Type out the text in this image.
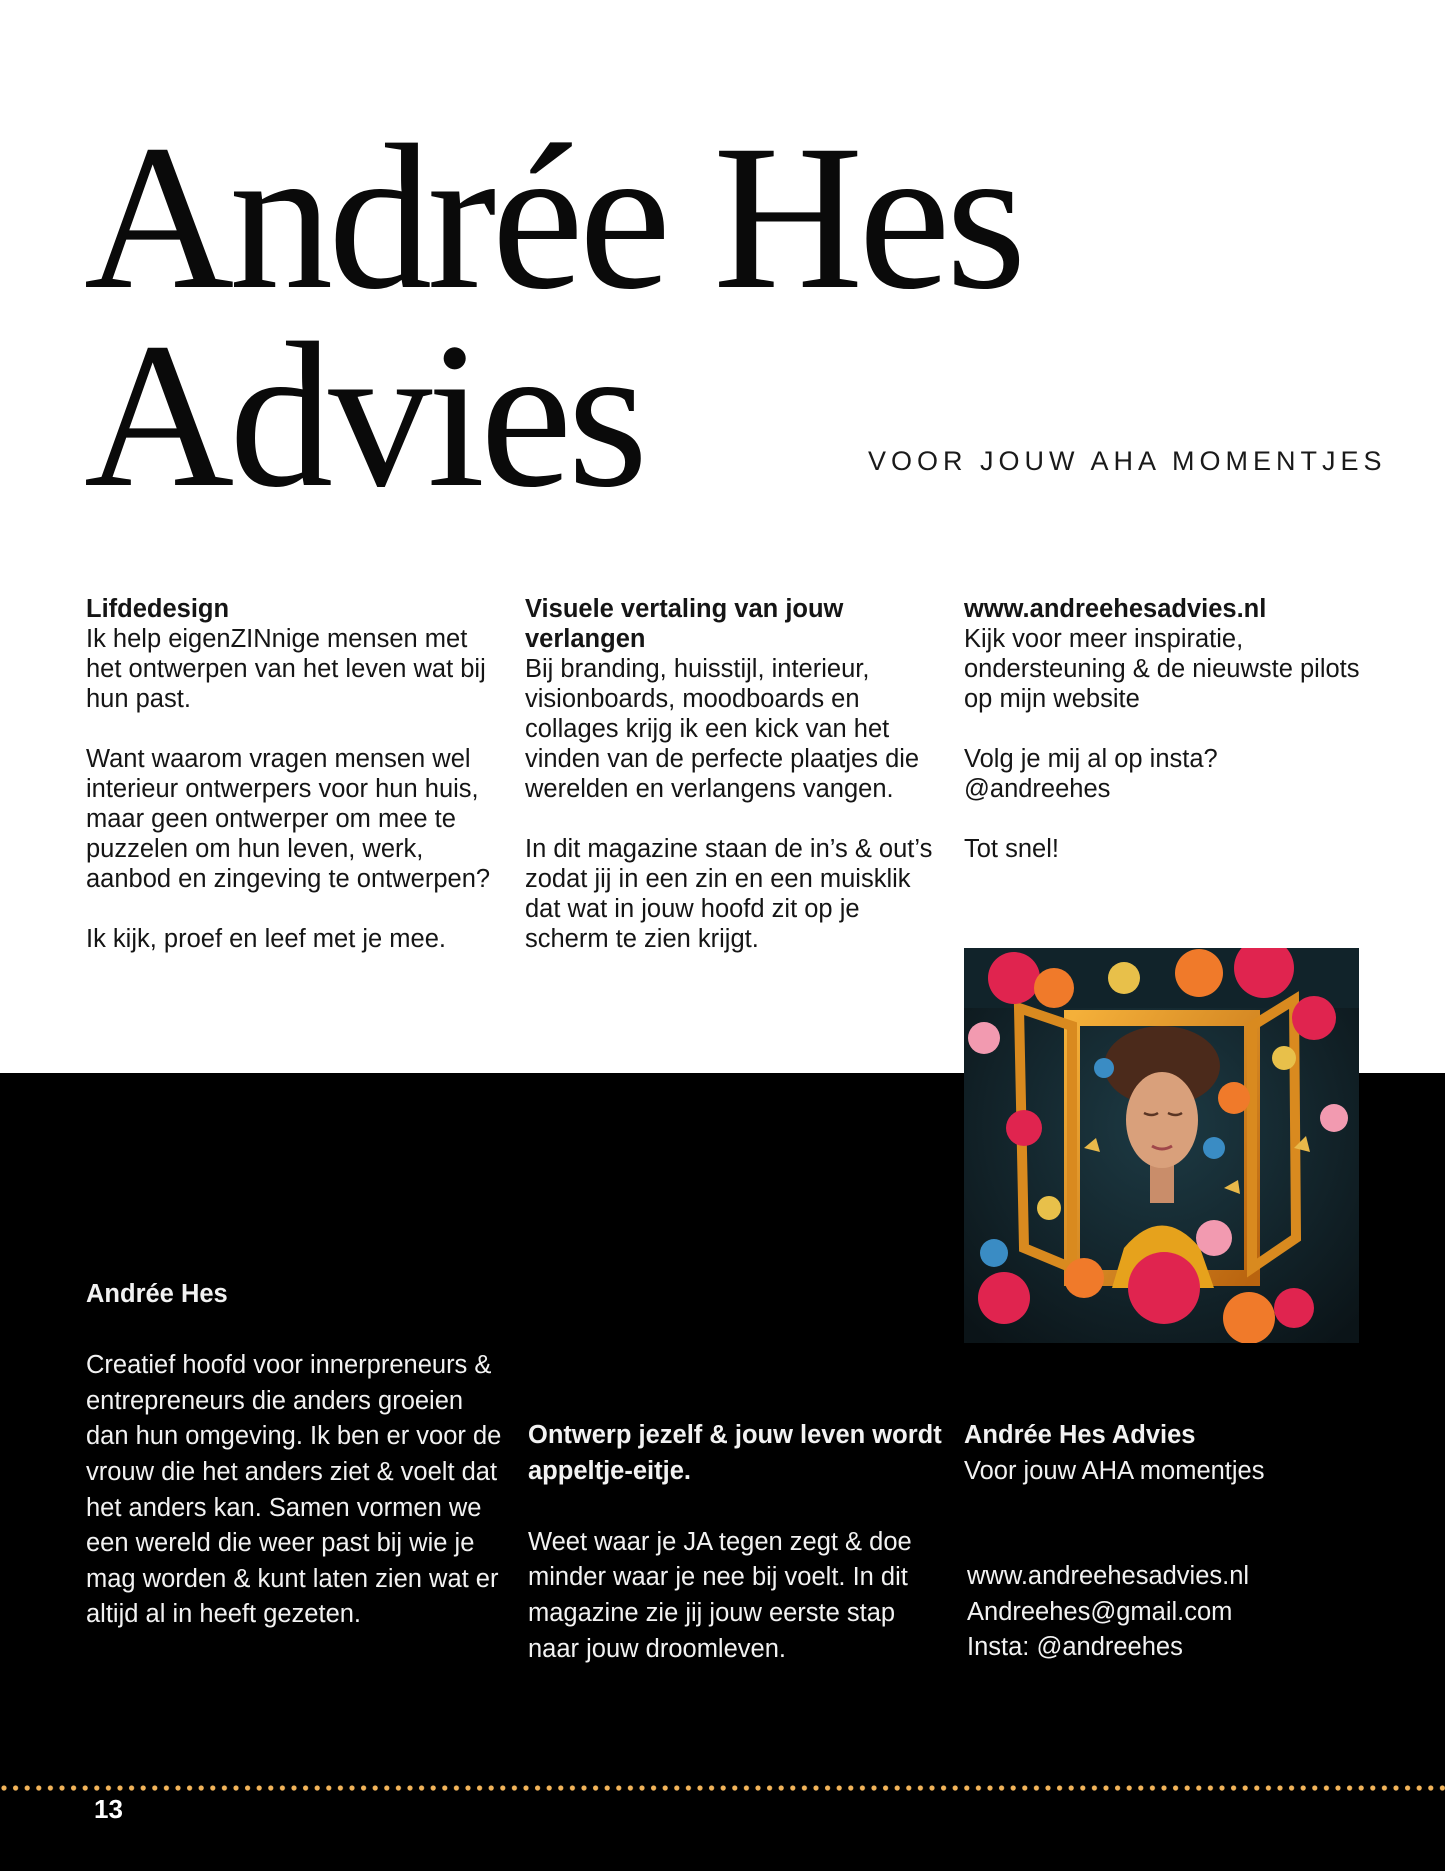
Andrée Hes
Advies	VOOR JOUW AHA MOMENTJES

Lifdedesign

Ik help eigenZINnige mensen met het ontwerpen van het leven wat bij hun past.

Want waarom vragen mensen wel interieur ontwerpers voor hun huis, maar geen ontwerper om mee te puzzelen om hun leven, werk, aanbod en zingeving te ontwerpen?

Ik kijk, proef en leef met je mee.

Visuele vertaling van jouw verlangen

Bij branding, huisstijl, interieur, visionboards, moodboards en collages krijg ik een kick van het vinden van de perfecte plaatjes die werelden en verlangens vangen.

In dit magazine staan de in’s & out’s zodat jij in een zin en een muisklik dat wat in jouw hoofd zit op je scherm te zien krijgt.

www.andreehesadvies.nl

Kijk voor meer inspiratie, ondersteuning & de nieuwste pilots op mijn website

Volg je mij al op insta?

@andreehes

Tot snel!

Andrée Hes

Creatief hoofd voor innerpreneurs & entrepreneurs die anders groeien dan hun omgeving. Ik ben er voor de vrouw die het anders ziet & voelt dat het anders kan. Samen vormen we een wereld die weer past bij wie je mag worden & kunt laten zien wat er altijd al in heeft gezeten.

Ontwerp jezelf & jouw leven wordt appeltje-eitje.

Weet waar je JA tegen zegt & doe minder waar je nee bij voelt. In dit magazine zie jij jouw eerste stap naar jouw droomleven.

Andrée Hes Advies

Voor jouw AHA momentjes

www.andreehesadvies.nl

Andreehes@gmail.com

Insta: @andreehes

13
